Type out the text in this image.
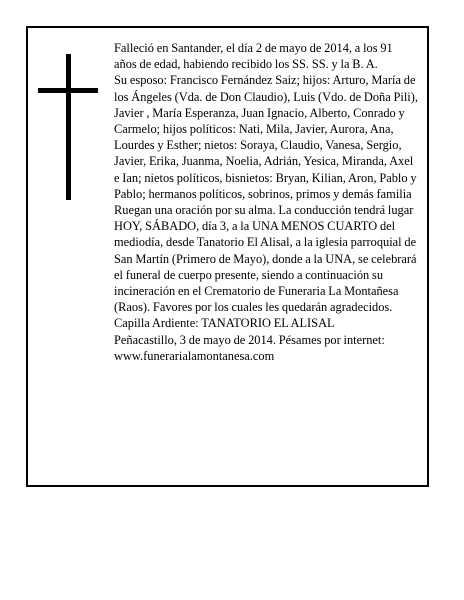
Falleció en Santander, el día 2 de mayo de 2014, a los 91 años de edad, habiendo recibido los SS. SS. y la B. A.

Su esposo: Francisco Fernández Saiz; hijos: Arturo, María de los Ángeles (Vda. de Don Claudio), Luis (Vdo. de Doña Pili), Javier , María Esperanza, Juan Ignacio, Alberto, Conrado y Carmelo; hijos políticos: Nati, Mila, Javier, Aurora, Ana, Lourdes y Esther; nietos: Soraya, Claudio, Vanesa, Sergio, Javier, Erika, Juanma, Noelia, Adrián, Yesica, Miranda, Axel e Ian; nietos políticos, bisnietos: Bryan, Kilian, Aron, Pablo y Pablo; hermanos políticos, sobrinos, primos y demás familia

Ruegan una oración por su alma. La conducción tendrá lugar HOY, SÁBADO, día 3, a la UNA MENOS CUARTO del mediodía, desde Tanatorio El Alisal, a la iglesia parroquial de San Martín (Primero de Mayo), donde a la UNA, se celebrará el funeral de cuerpo presente, siendo a continuación su incineración en el Crematorio de Funeraria La Montañesa (Raos). Favores por los cuales les quedarán agradecidos. Capilla Ardiente: TANATORIO EL ALISAL

Peñacastillo, 3 de mayo de 2014. Pésames por internet: www.funerarialamontanesa.com
